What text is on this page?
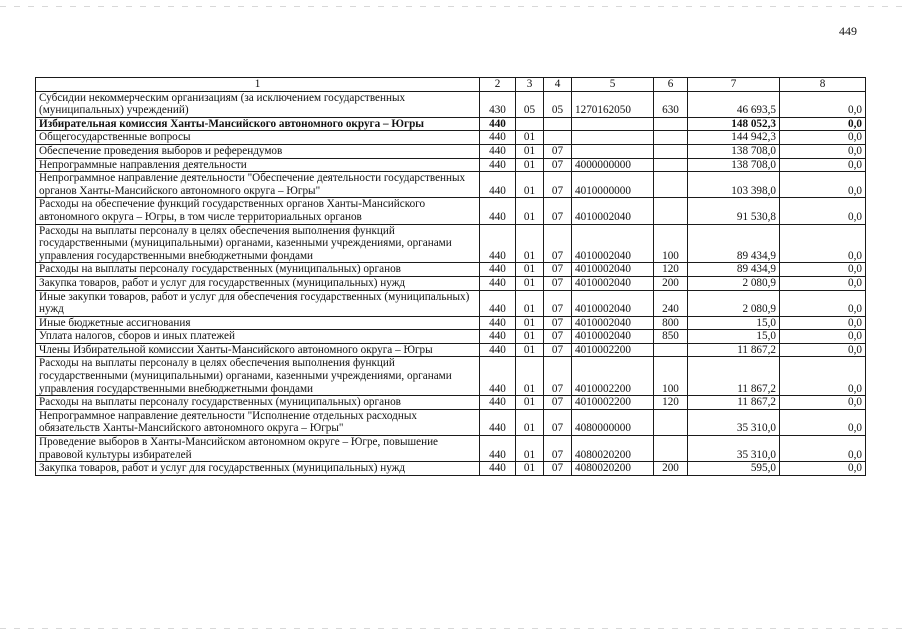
449
1	2	3	4	5	6	7	8
Субсидии некоммерческим организациям (за исключением государственных (муниципальных) учреждений)	430	05	05	1270162050	630	46 693,5	0,0
Избирательная комиссия Ханты-Мансийского автономного округа – Югры	440					148 052,3	0,0
Общегосударственные вопросы	440	01				144 942,3	0,0
Обеспечение проведения выборов и референдумов	440	01	07			138 708,0	0,0
Непрограммные направления деятельности	440	01	07	4000000000		138 708,0	0,0
Непрограммное направление деятельности "Обеспечение деятельности государственных органов Ханты-Мансийского автономного округа – Югры"	440	01	07	4010000000		103 398,0	0,0
Расходы на обеспечение функций государственных органов Ханты-Мансийского автономного округа – Югры, в том числе территориальных органов	440	01	07	4010002040		91 530,8	0,0
Расходы на выплаты персоналу в целях обеспечения выполнения функций государственными (муниципальными) органами, казенными учреждениями, органами управления государственными внебюджетными фондами	440	01	07	4010002040	100	89 434,9	0,0
Расходы на выплаты персоналу государственных (муниципальных) органов	440	01	07	4010002040	120	89 434,9	0,0
Закупка товаров, работ и услуг для государственных (муниципальных) нужд	440	01	07	4010002040	200	2 080,9	0,0
Иные закупки товаров, работ и услуг для обеспечения государственных (муниципальных) нужд	440	01	07	4010002040	240	2 080,9	0,0
Иные бюджетные ассигнования	440	01	07	4010002040	800	15,0	0,0
Уплата налогов, сборов и иных платежей	440	01	07	4010002040	850	15,0	0,0
Члены Избирательной комиссии Ханты-Мансийского автономного округа – Югры	440	01	07	4010002200		11 867,2	0,0
Расходы на выплаты персоналу в целях обеспечения выполнения функций государственными (муниципальными) органами, казенными учреждениями, органами управления государственными внебюджетными фондами	440	01	07	4010002200	100	11 867,2	0,0
Расходы на выплаты персоналу государственных (муниципальных) органов	440	01	07	4010002200	120	11 867,2	0,0
Непрограммное направление деятельности "Исполнение отдельных расходных обязательств Ханты-Мансийского автономного округа – Югры"	440	01	07	4080000000		35 310,0	0,0
Проведение выборов в Ханты-Мансийском автономном округе – Югре, повышение правовой культуры избирателей	440	01	07	4080020200		35 310,0	0,0
Закупка товаров, работ и услуг для государственных (муниципальных) нужд	440	01	07	4080020200	200	595,0	0,0
